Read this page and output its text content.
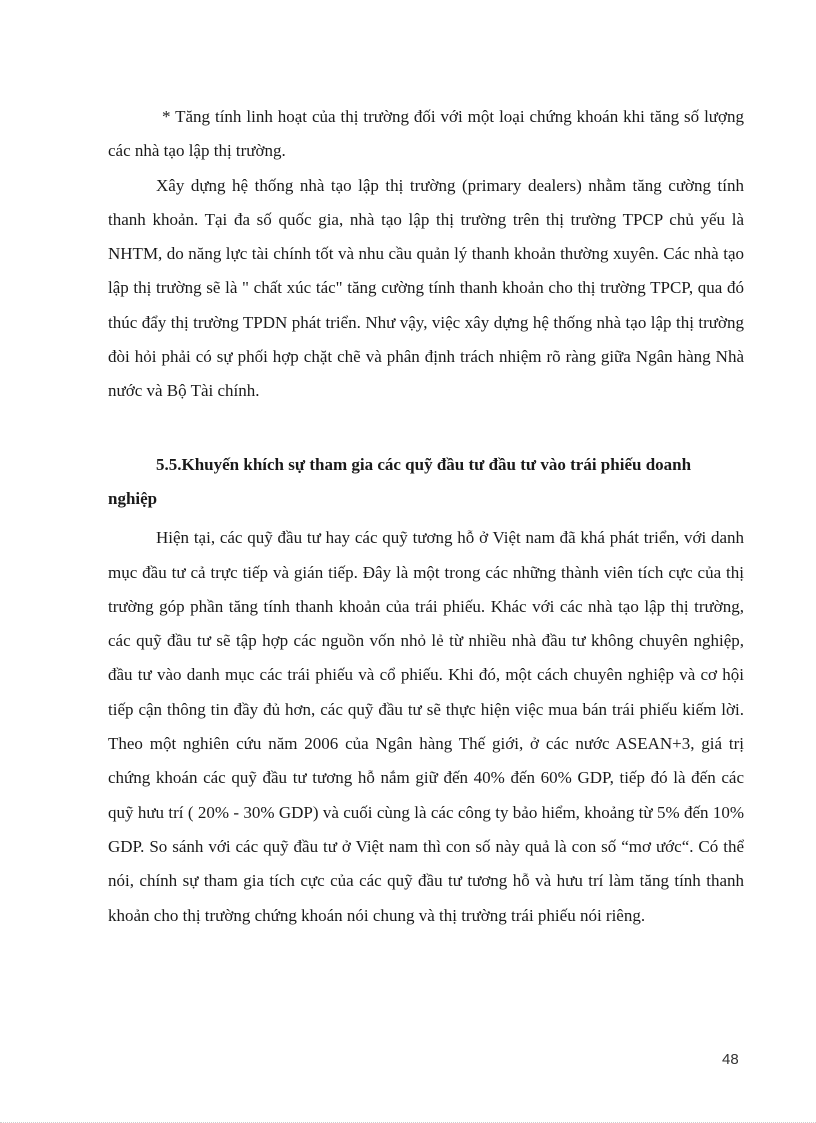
* Tăng tính linh hoạt của thị trường đối với một loại chứng khoán khi tăng số lượng các nhà tạo lập thị trường.

Xây dựng hệ thống nhà tạo lập thị trường (primary dealers) nhằm tăng cường tính thanh khoản. Tại đa số quốc gia, nhà tạo lập thị trường trên thị trường TPCP chủ yếu là NHTM, do năng lực tài chính tốt và nhu cầu quản lý thanh khoản thường xuyên. Các nhà tạo lập thị trường sẽ là " chất xúc tác" tăng cường tính thanh khoản cho thị trường TPCP, qua đó thúc đẩy thị trường TPDN phát triển. Như vậy, việc xây dựng hệ thống nhà tạo lập thị trường đòi hỏi phải có sự phối hợp chặt chẽ và phân định trách nhiệm rõ ràng giữa Ngân hàng Nhà nước và Bộ Tài chính.

5.5.Khuyến khích sự tham gia các quỹ đầu tư đầu tư vào trái phiếu doanh nghiệp

Hiện tại, các quỹ đầu tư hay các quỹ tương hỗ ở Việt nam đã khá phát triển, với danh mục đầu tư cả trực tiếp và gián tiếp. Đây là một trong các những thành viên tích cực của thị trường góp phần tăng tính thanh khoản của trái phiếu. Khác với các nhà tạo lập thị trường, các quỹ đầu tư sẽ tập hợp các nguồn vốn nhỏ lẻ từ nhiều nhà đầu tư không chuyên nghiệp, đầu tư vào danh mục các trái phiếu và cổ phiếu. Khi đó, một cách chuyên nghiệp và cơ hội tiếp cận thông tin đầy đủ hơn, các quỹ đầu tư sẽ thực hiện việc mua bán trái phiếu kiếm lời. Theo một nghiên cứu năm 2006 của Ngân hàng Thế giới, ở các nước ASEAN+3, giá trị chứng khoán các quỹ đầu tư tương hỗ nắm giữ đến 40% đến 60% GDP, tiếp đó là đến các quỹ hưu trí ( 20% - 30% GDP) và cuối cùng là các công ty bảo hiểm, khoảng từ 5% đến 10% GDP. So sánh với các quỹ đầu tư ở Việt nam thì con số này quả là con số “mơ ước“. Có thể nói, chính sự tham gia tích cực của các quỹ đầu tư tương hỗ và hưu trí làm tăng tính thanh khoản cho thị trường chứng khoán nói chung và thị trường trái phiếu nói riêng.

48
